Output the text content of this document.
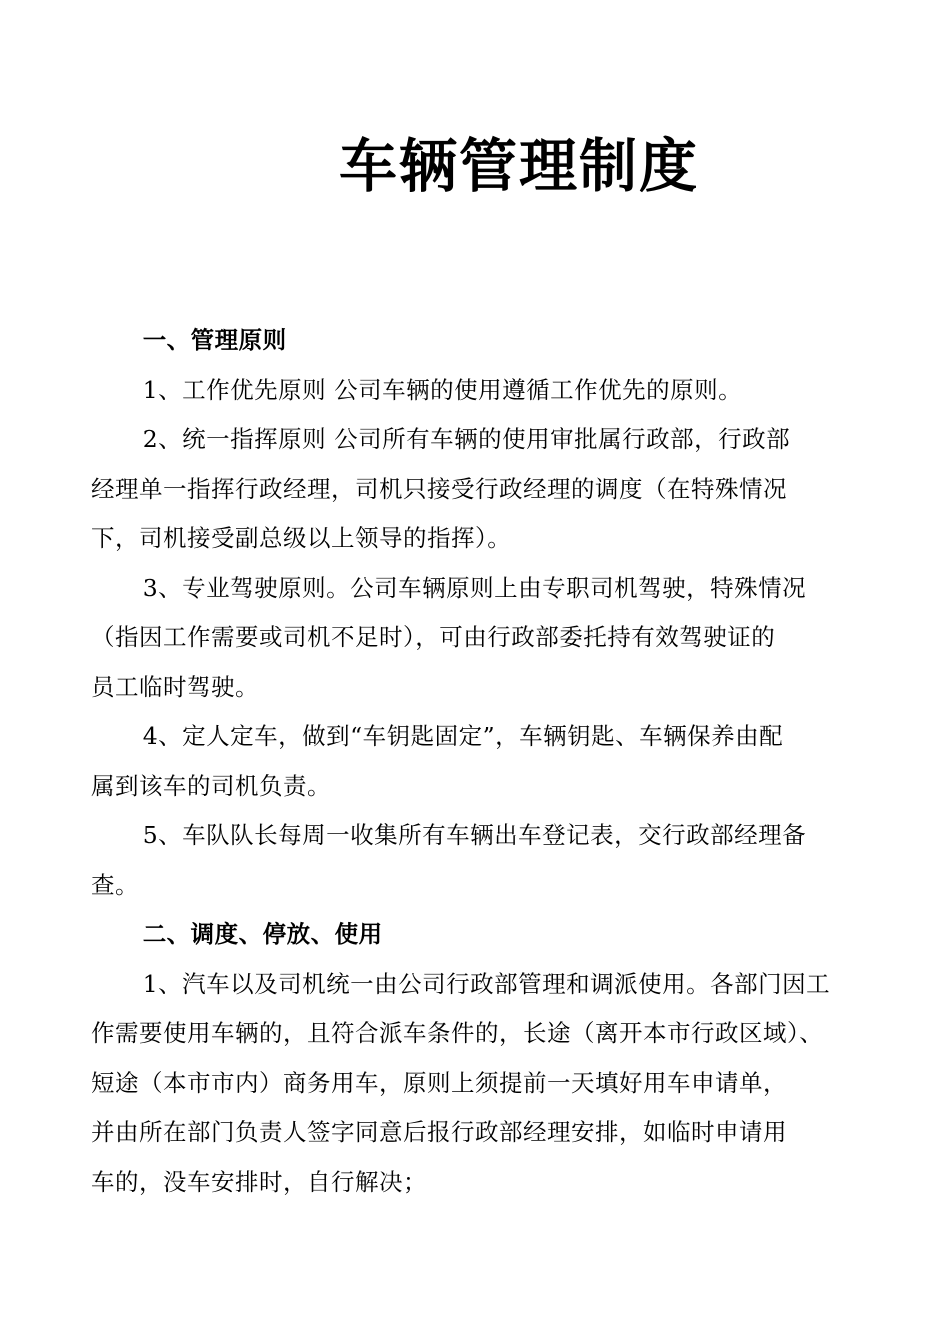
车辆管理制度
一、管理原则

1、工作优先原则 公司车辆的使用遵循工作优先的原则。

2、统一指挥原则 公司所有车辆的使用审批属行政部，行政部
经理单一指挥行政经理，司机只接受行政经理的调度（在特殊情况
下，司机接受副总级以上领导的指挥）。

3、专业驾驶原则。公司车辆原则上由专职司机驾驶，特殊情况
（指因工作需要或司机不足时），可由行政部委托持有效驾驶证的
员工临时驾驶。

4、定人定车，做到“车钥匙固定”，车辆钥匙、车辆保养由配
属到该车的司机负责。

5、车队队长每周一收集所有车辆出车登记表，交行政部经理备
查。

二、调度、停放、使用

1、汽车以及司机统一由公司行政部管理和调派使用。各部门因工
作需要使用车辆的，且符合派车条件的，长途（离开本市行政区域）、
短途（本市市内）商务用车，原则上须提前一天填好用车申请单，
并由所在部门负责人签字同意后报行政部经理安排，如临时申请用
车的，没车安排时，自行解决；
